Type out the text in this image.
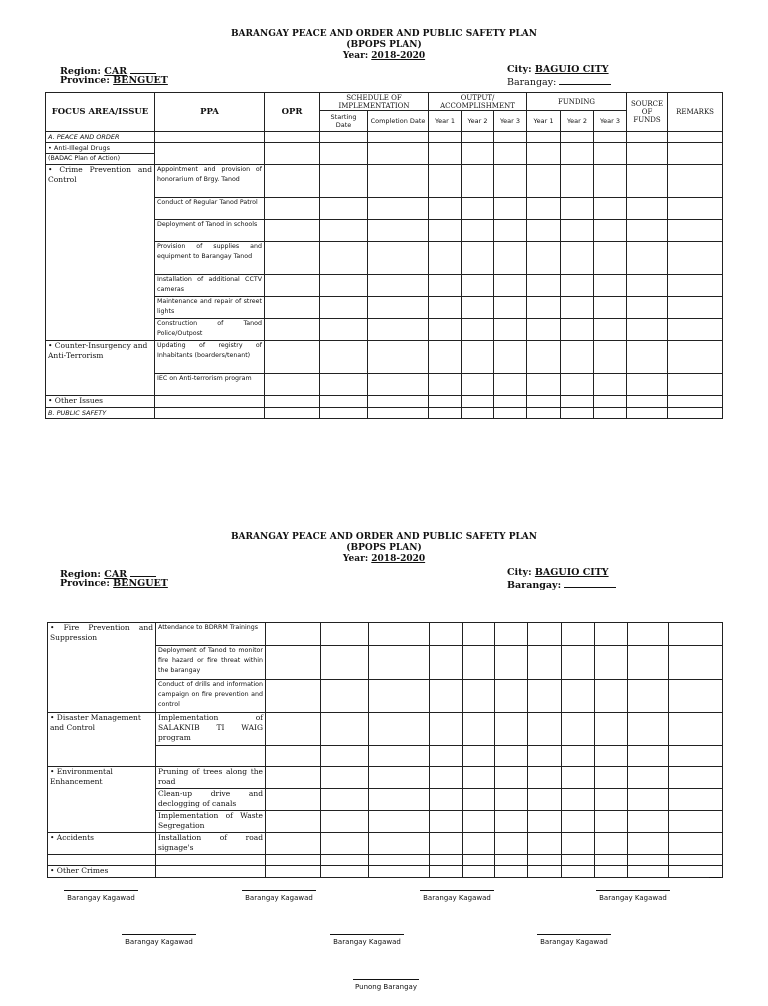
BARANGAY PEACE AND ORDER AND PUBLIC SAFETY PLAN
(BPOPS PLAN)
Year: 2018-2020
Region: CAR
Province: BENGUET
City: BAGUIO CITY
Barangay:
FOCUS AREA/ISSUE	PPA	OPR	SCHEDULE OF IMPLEMENTATION		OUTPUT/ ACCOMPLISHMENT			FUNDING			SOURCE OF FUNDS	REMARKS
			Starting Date	Completion Date	Year 1	Year 2	Year 3	Year 1	Year 2	Year 3		
A. PEACE AND ORDER												
• Anti-Illegal Drugs												
(BADAC Plan of Action)												
• Crime Prevention and Control	Appointment and provision of honorarium of Brgy. Tanod											
	Conduct of Regular Tanod Patrol											
	Deployment of Tanod in schools											
	Provision of supplies and equipment to Barangay Tanod											
	Installation of additional CCTV cameras											
	Maintenance and repair of street lights											
	Construction of Tanod Police/Outpost											
• Counter-Insurgency and Anti-Terrorism	Updating of registry of Inhabitants (boarders/tenant)											
	IEC on Anti-terrorism program											
• Other Issues												
B. PUBLIC SAFETY												
BARANGAY PEACE AND ORDER AND PUBLIC SAFETY PLAN
(BPOPS PLAN)
Year: 2018-2020
Region: CAR
Province: BENGUET
City: BAGUIO CITY
Barangay:
• Fire Prevention and Suppression	Attendance to BDRRM Trainings											
	Deployment of Tanod to monitor fire hazard or fire threat within the barangay											
	Conduct of drills and information campaign on fire prevention and control											
• Disaster Management and Control	Implementation of SALAKNIB TI WAIG program											

• Environmental Enhancement	Pruning of trees along the road											
	Clean-up drive and declogging of canals											
	Implementation of Waste Segregation											
• Accidents	Installation of road signage's											

• Other Crimes												
Barangay Kagawad	Barangay Kagawad	Barangay Kagawad	Barangay Kagawad
Barangay Kagawad	Barangay Kagawad	Barangay Kagawad
Punong Barangay
